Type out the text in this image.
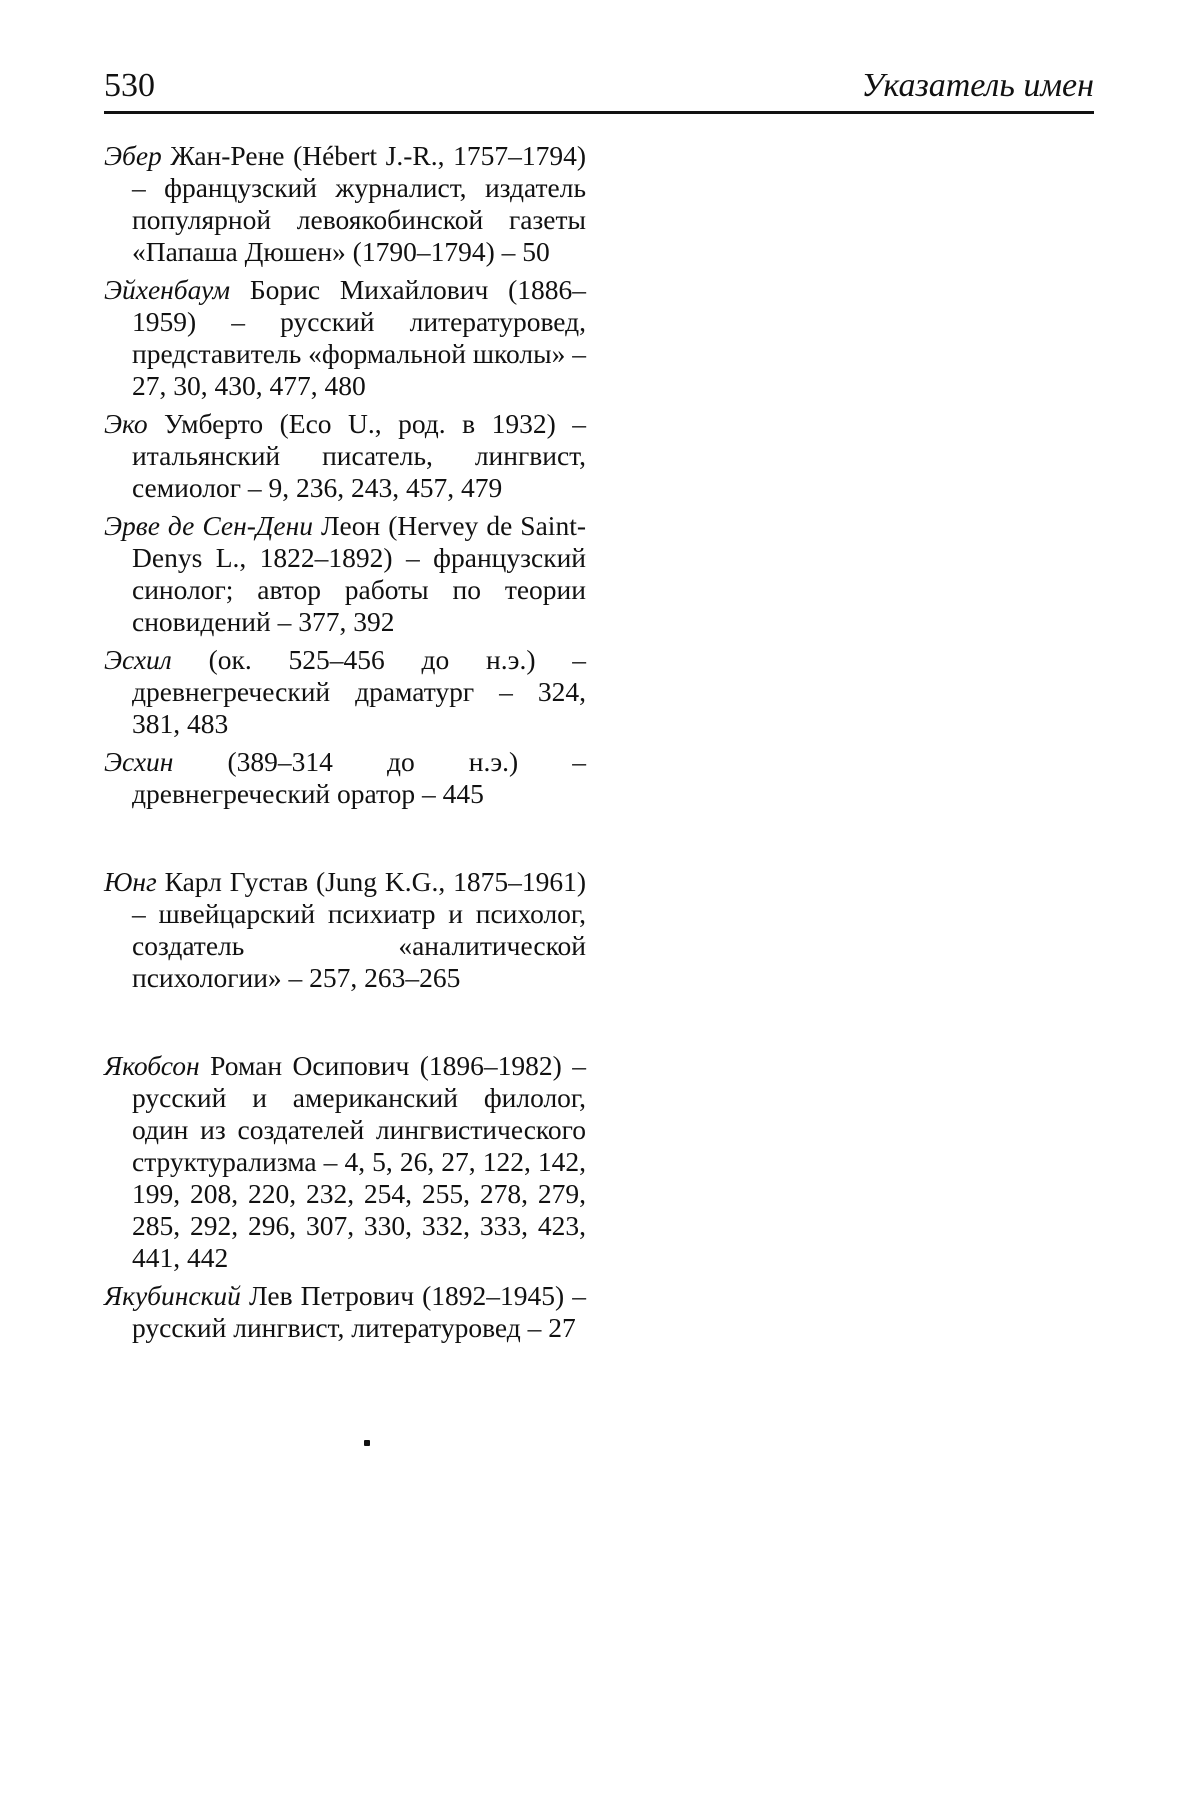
530	Указатель имен

Эбер Жан-Рене (Hébert J.-R., 1757–1794) – французский журналист, издатель популярной левоякобинской газеты «Папаша Дюшен» (1790–1794) – 50

Эйхенбаум Борис Михайлович (1886–1959) – русский литературовед, представитель «формальной школы» – 27, 30, 430, 477, 480

Эко Умберто (Eco U., род. в 1932) – итальянский писатель, лингвист, семиолог – 9, 236, 243, 457, 479

Эрве де Сен-Дени Леон (Hervey de Saint-Denys L., 1822–1892) – французский синолог; автор работы по теории сновидений – 377, 392

Эсхил (ок. 525–456 до н.э.) – древнегреческий драматург – 324, 381, 483

Эсхин (389–314 до н.э.) – древнегреческий оратор – 445

Юнг Карл Густав (Jung K.G., 1875–1961) – швейцарский психиатр и психолог, создатель «аналитической психологии» – 257, 263–265

Якобсон Роман Осипович (1896–1982) – русский и американский филолог, один из создателей лингвистического структурализма – 4, 5, 26, 27, 122, 142, 199, 208, 220, 232, 254, 255, 278, 279, 285, 292, 296, 307, 330, 332, 333, 423, 441, 442

Якубинский Лев Петрович (1892–1945) – русский лингвист, литературовед – 27
